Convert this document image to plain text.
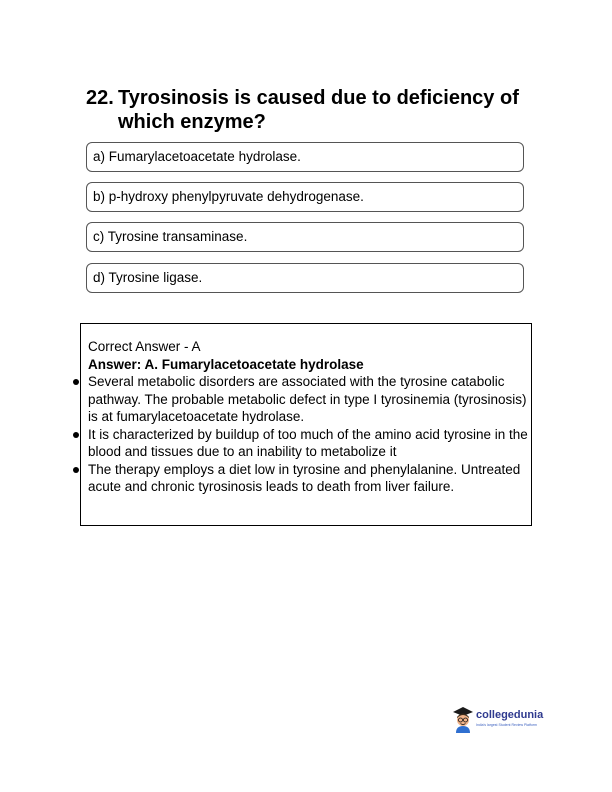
22. Tyrosinosis is caused due to deficiency of which enzyme?
a) Fumarylacetoacetate hydrolase.
b) p-hydroxy phenylpyruvate dehydrogenase.
c) Tyrosine transaminase.
d) Tyrosine ligase.
Correct Answer - A
Answer: A. Fumarylacetoacetate hydrolase
Several metabolic disorders are associated with the tyrosine catabolic pathway. The probable metabolic defect in type I tyrosinemia (tyrosinosis) is at fumarylacetoacetate hydrolase.
It is characterized by buildup of too much of the amino acid tyrosine in the blood and tissues due to an inability to metabolize it
The therapy employs a diet low in tyrosine and phenylalanine. Untreated acute and chronic tyrosinosis leads to death from liver failure.
collegedunia
India's largest Student Review Platform
